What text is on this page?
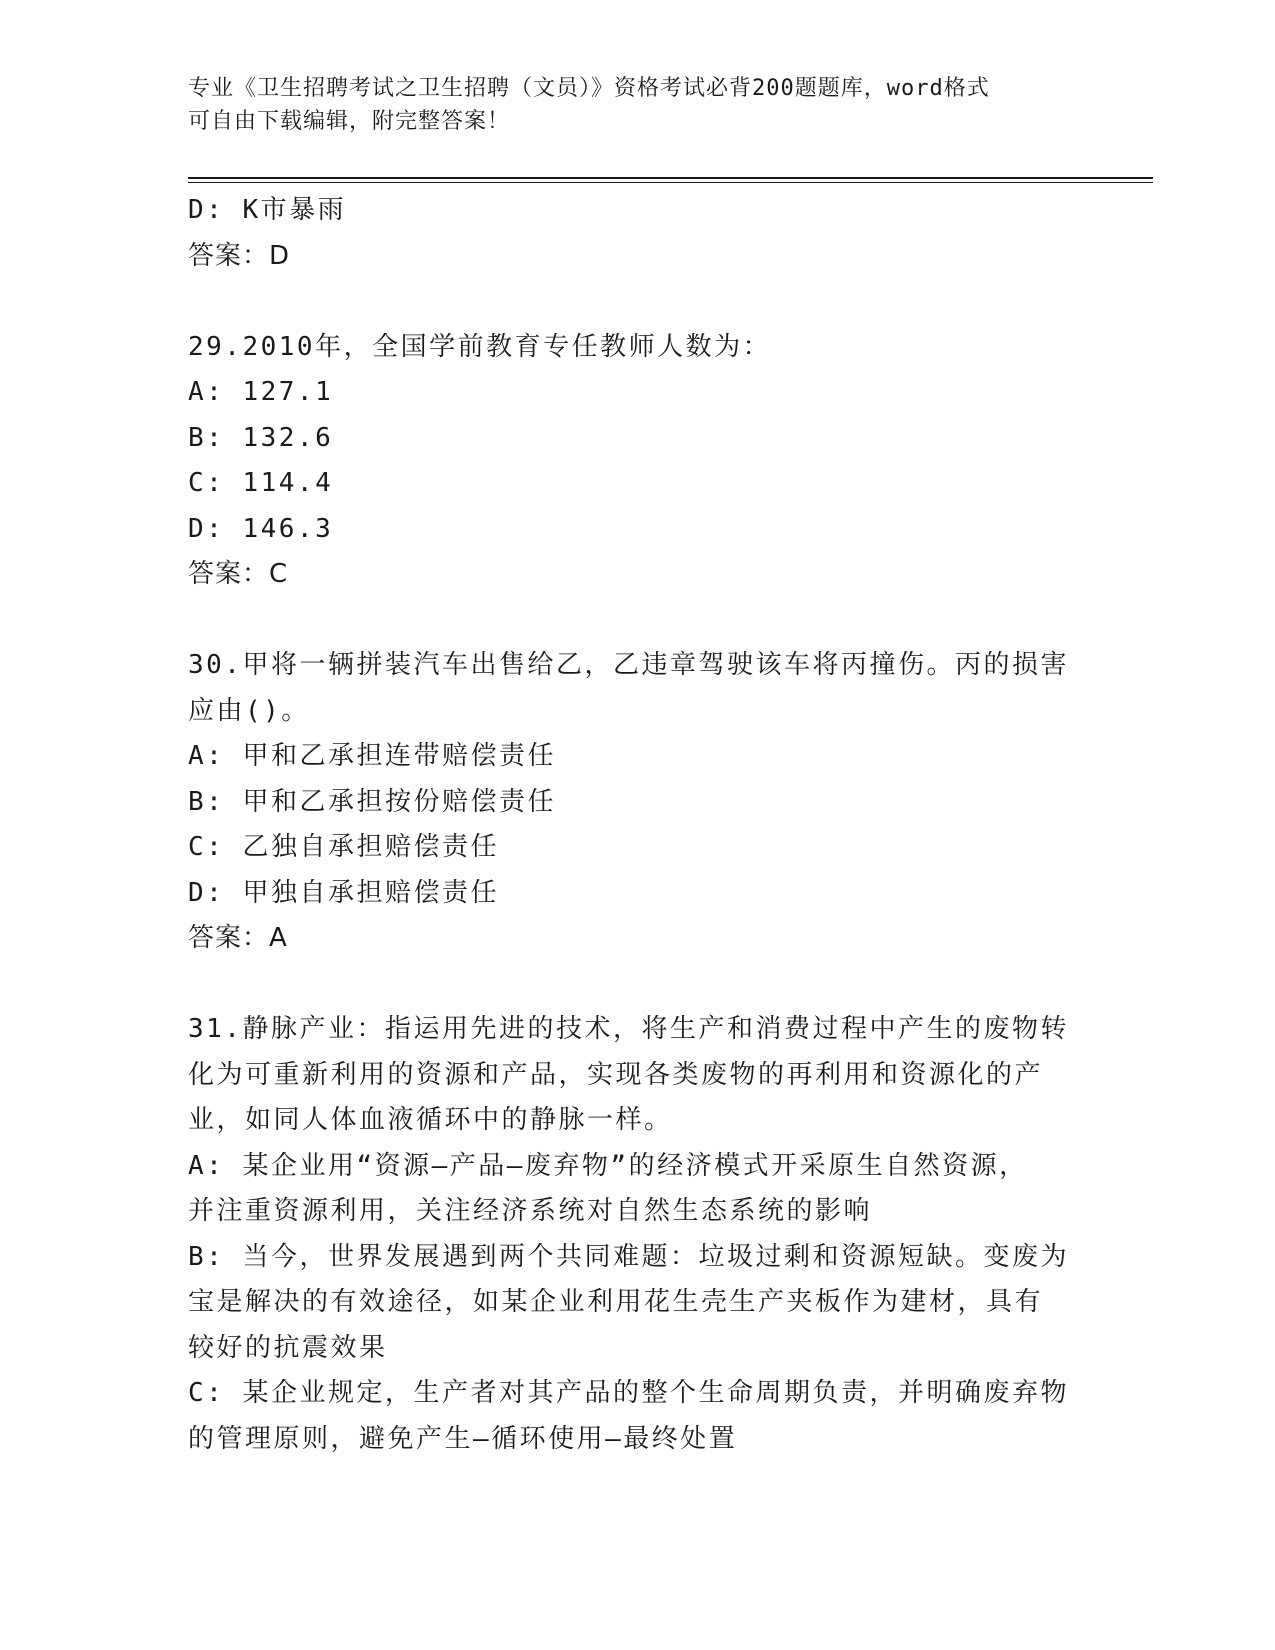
专业《卫生招聘考试之卫生招聘（文员）》资格考试必背200题题库，word格式
可自由下载编辑，附完整答案！
D: K市暴雨
答案：D
29.2010年，全国学前教育专任教师人数为：
A: 127.1
B: 132.6
C: 114.4
D: 146.3
答案：C
30.甲将一辆拼装汽车出售给乙，乙违章驾驶该车将丙撞伤。丙的损害
应由()。
A: 甲和乙承担连带赔偿责任
B: 甲和乙承担按份赔偿责任
C: 乙独自承担赔偿责任
D: 甲独自承担赔偿责任
答案：A
31.静脉产业：指运用先进的技术，将生产和消费过程中产生的废物转
化为可重新利用的资源和产品，实现各类废物的再利用和资源化的产
业，如同人体血液循环中的静脉一样。
A: 某企业用“资源—产品—废弃物”的经济模式开采原生自然资源，
并注重资源利用，关注经济系统对自然生态系统的影响
B: 当今，世界发展遇到两个共同难题：垃圾过剩和资源短缺。变废为
宝是解决的有效途径，如某企业利用花生壳生产夹板作为建材，具有
较好的抗震效果
C: 某企业规定，生产者对其产品的整个生命周期负责，并明确废弃物
的管理原则，避免产生—循环使用—最终处置
